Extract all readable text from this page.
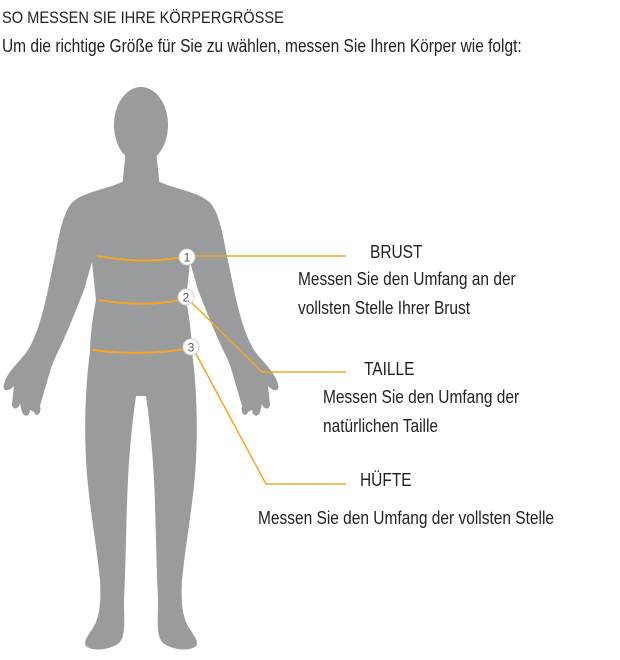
SO MESSEN SIE IHRE KÖRPERGRÖSSE
Um die richtige Größe für Sie zu wählen, messen Sie Ihren Körper wie folgt:
1
2
3
BRUST
Messen Sie den Umfang an der
vollsten Stelle Ihrer Brust
TAILLE
Messen Sie den Umfang der
natürlichen Taille
HÜFTE
Messen Sie den Umfang der vollsten Stelle
